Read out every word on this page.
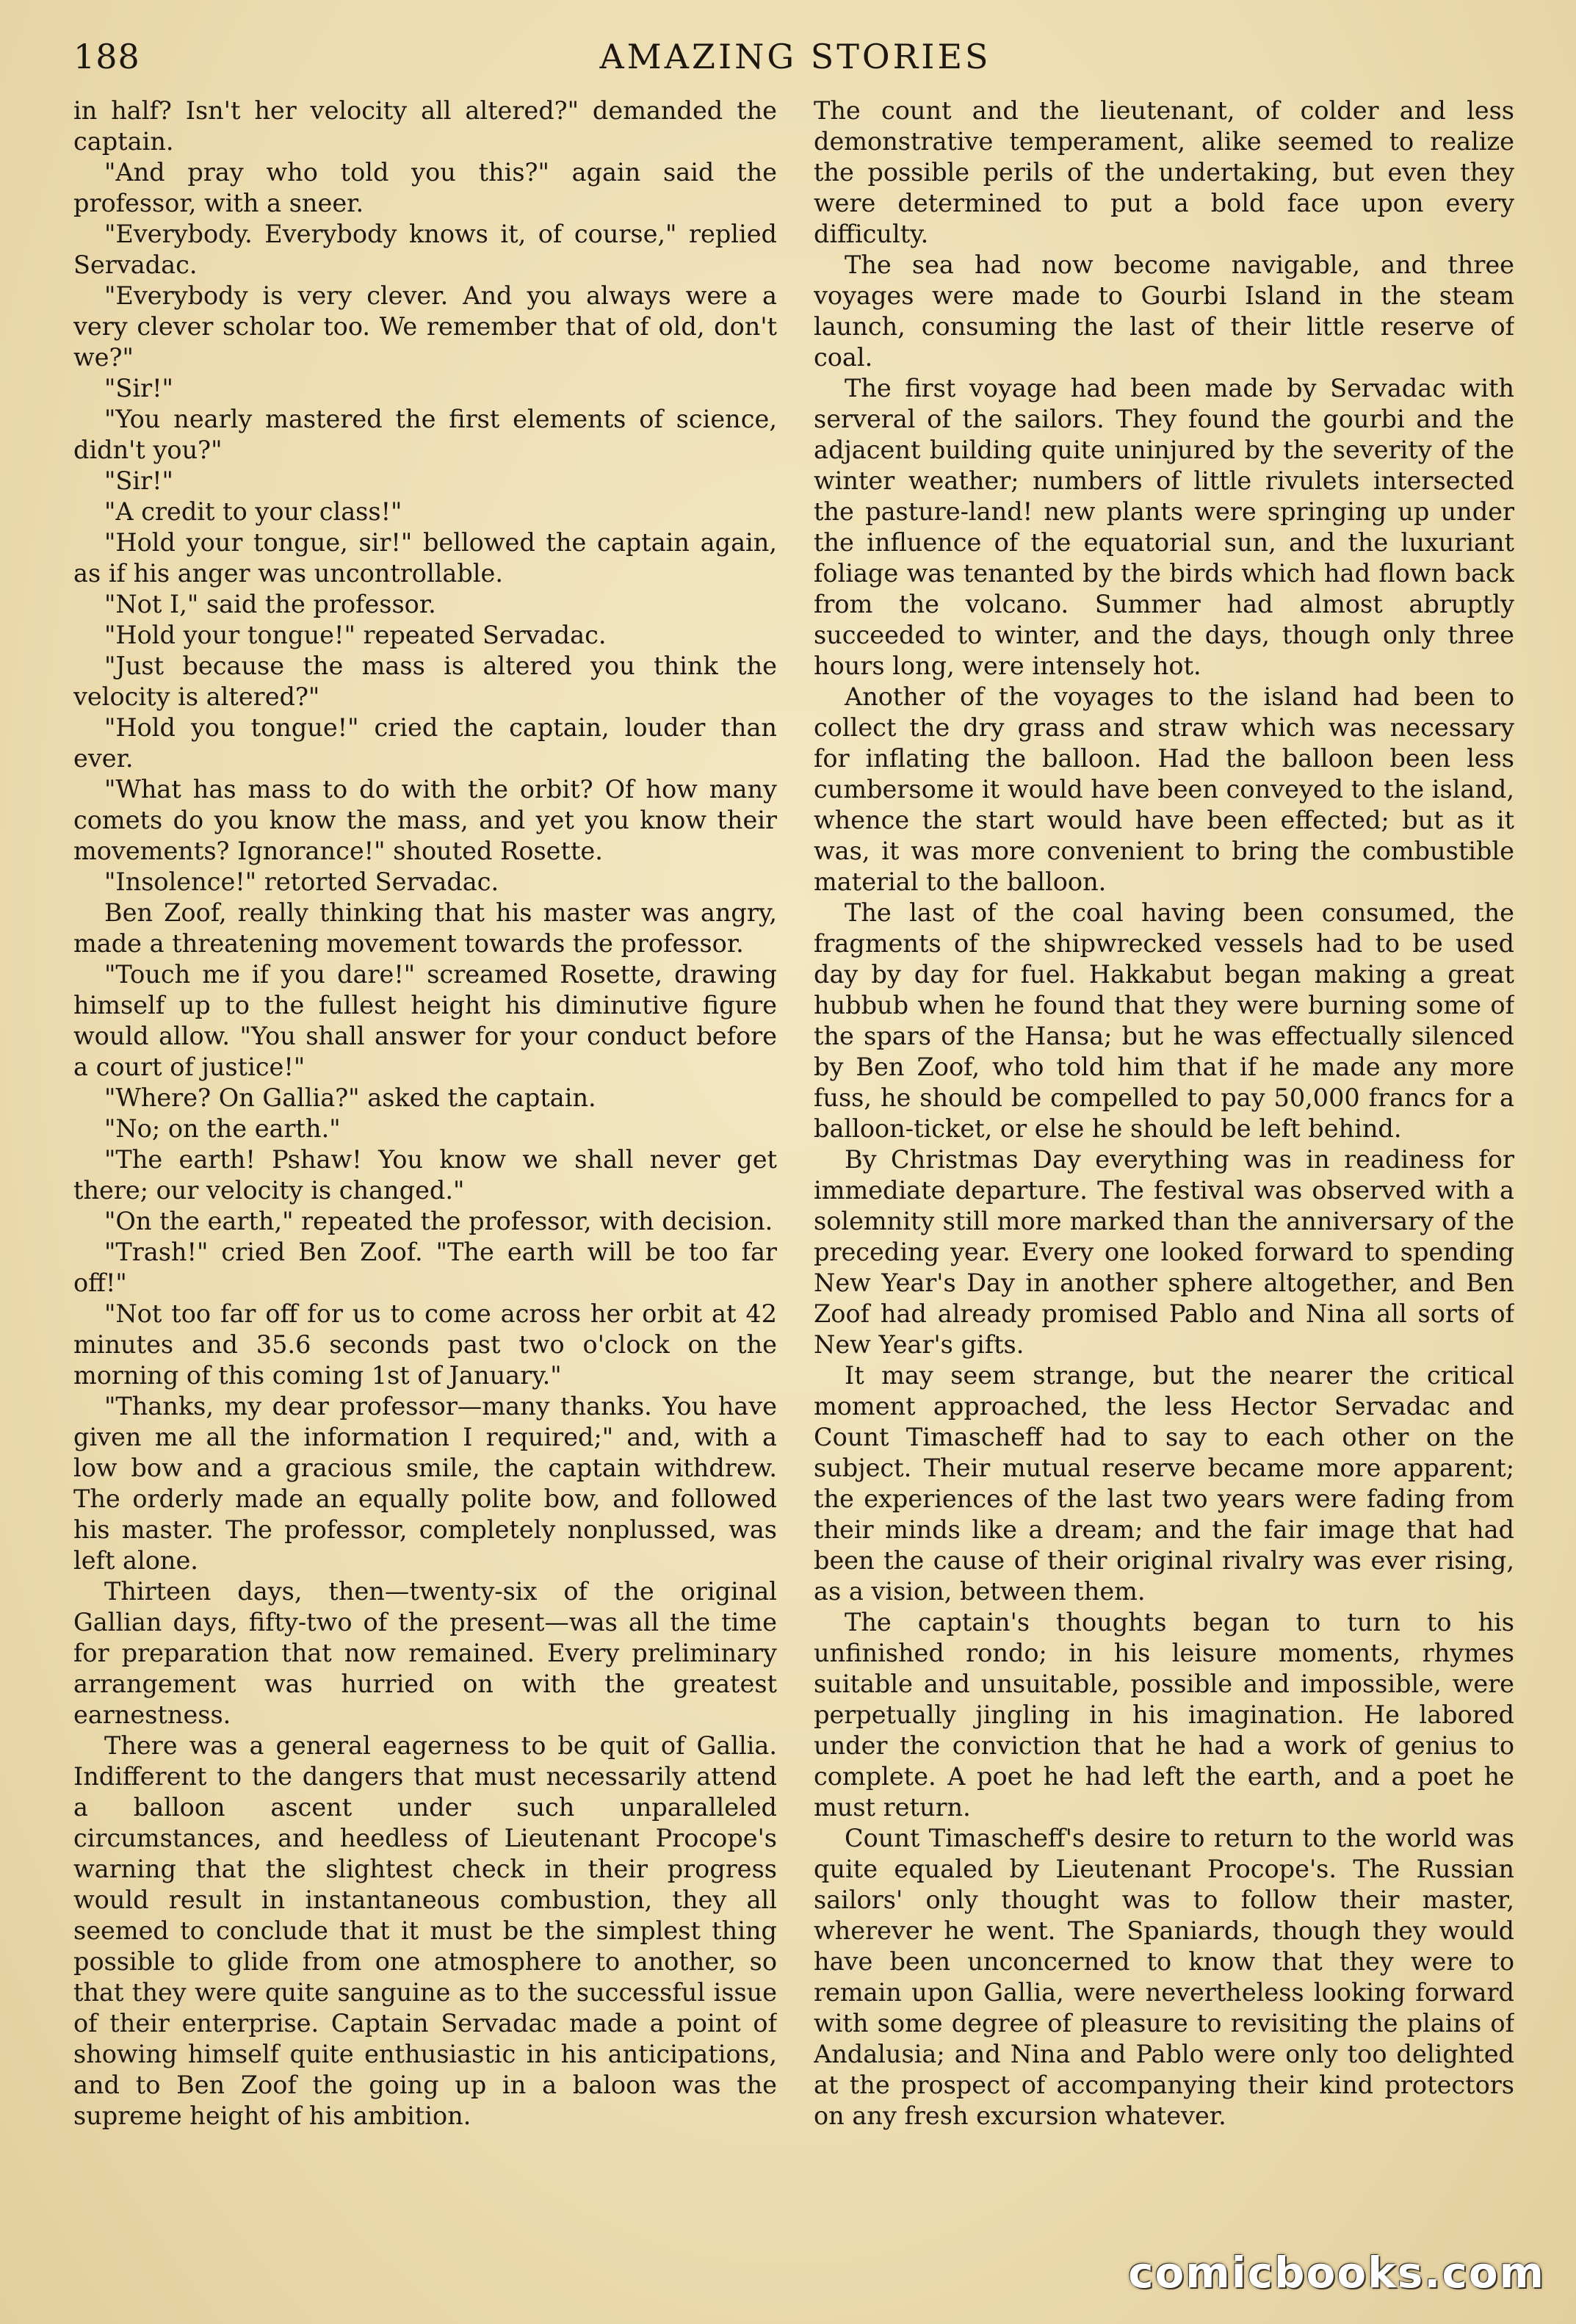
188	AMAZING STORIES

in half? Isn't her velocity all altered?" demanded the captain.

"And pray who told you this?" again said the professor, with a sneer.

"Everybody. Everybody knows it, of course," replied Servadac.

"Everybody is very clever. And you always were a very clever scholar too. We remember that of old, don't we?"

"Sir!"

"You nearly mastered the first elements of science, didn't you?"

"Sir!"

"A credit to your class!"

"Hold your tongue, sir!" bellowed the captain again, as if his anger was uncontrollable.

"Not I," said the professor.

"Hold your tongue!" repeated Servadac.

"Just because the mass is altered you think the velocity is altered?"

"Hold you tongue!" cried the captain, louder than ever.

"What has mass to do with the orbit? Of how many comets do you know the mass, and yet you know their movements? Ignorance!" shouted Rosette.

"Insolence!" retorted Servadac.

Ben Zoof, really thinking that his master was angry, made a threatening movement towards the professor.

"Touch me if you dare!" screamed Rosette, drawing himself up to the fullest height his diminutive figure would allow. "You shall answer for your conduct before a court of justice!"

"Where? On Gallia?" asked the captain.

"No; on the earth."

"The earth! Pshaw! You know we shall never get there; our velocity is changed."

"On the earth," repeated the professor, with decision.

"Trash!" cried Ben Zoof. "The earth will be too far off!"

"Not too far off for us to come across her orbit at 42 minutes and 35.6 seconds past two o'clock on the morning of this coming 1st of January."

"Thanks, my dear professor—many thanks. You have given me all the information I required;" and, with a low bow and a gracious smile, the captain withdrew. The orderly made an equally polite bow, and followed his master. The professor, completely nonplussed, was left alone.

Thirteen days, then—twenty-six of the original Gallian days, fifty-two of the present—was all the time for preparation that now remained. Every preliminary arrangement was hurried on with the greatest earnestness.

There was a general eagerness to be quit of Gallia. Indifferent to the dangers that must necessarily attend a balloon ascent under such unparalleled circumstances, and heedless of Lieutenant Procope's warning that the slightest check in their progress would result in instantaneous combustion, they all seemed to conclude that it must be the simplest thing possible to glide from one atmosphere to another, so that they were quite sanguine as to the successful issue of their enterprise. Captain Servadac made a point of showing himself quite enthusiastic in his anticipations, and to Ben Zoof the going up in a baloon was the supreme height of his ambition.

The count and the lieutenant, of colder and less demonstrative temperament, alike seemed to realize the possible perils of the undertaking, but even they were determined to put a bold face upon every difficulty.

The sea had now become navigable, and three voyages were made to Gourbi Island in the steam launch, consuming the last of their little reserve of coal.

The first voyage had been made by Servadac with serveral of the sailors. They found the gourbi and the adjacent building quite uninjured by the severity of the winter weather; numbers of little rivulets intersected the pasture-land! new plants were springing up under the influence of the equatorial sun, and the luxuriant foliage was tenanted by the birds which had flown back from the volcano. Summer had almost abruptly succeeded to winter, and the days, though only three hours long, were intensely hot.

Another of the voyages to the island had been to collect the dry grass and straw which was necessary for inflating the balloon. Had the balloon been less cumbersome it would have been conveyed to the island, whence the start would have been effected; but as it was, it was more convenient to bring the combustible material to the balloon.

The last of the coal having been consumed, the fragments of the shipwrecked vessels had to be used day by day for fuel. Hakkabut began making a great hubbub when he found that they were burning some of the spars of the Hansa; but he was effectually silenced by Ben Zoof, who told him that if he made any more fuss, he should be compelled to pay 50,000 francs for a balloon-ticket, or else he should be left behind.

By Christmas Day everything was in readiness for immediate departure. The festival was observed with a solemnity still more marked than the anniversary of the preceding year. Every one looked forward to spending New Year's Day in another sphere altogether, and Ben Zoof had already promised Pablo and Nina all sorts of New Year's gifts.

It may seem strange, but the nearer the critical moment approached, the less Hector Servadac and Count Timascheff had to say to each other on the subject. Their mutual reserve became more apparent; the experiences of the last two years were fading from their minds like a dream; and the fair image that had been the cause of their original rivalry was ever rising, as a vision, between them.

The captain's thoughts began to turn to his unfinished rondo; in his leisure moments, rhymes suitable and unsuitable, possible and impossible, were perpetually jingling in his imagination. He labored under the conviction that he had a work of genius to complete. A poet he had left the earth, and a poet he must return.

Count Timascheff's desire to return to the world was quite equaled by Lieutenant Procope's. The Russian sailors' only thought was to follow their master, wherever he went. The Spaniards, though they would have been unconcerned to know that they were to remain upon Gallia, were nevertheless looking forward with some degree of pleasure to revisiting the plains of Andalusia; and Nina and Pablo were only too delighted at the prospect of accompanying their kind protectors on any fresh excursion whatever.

comicbooks.com
